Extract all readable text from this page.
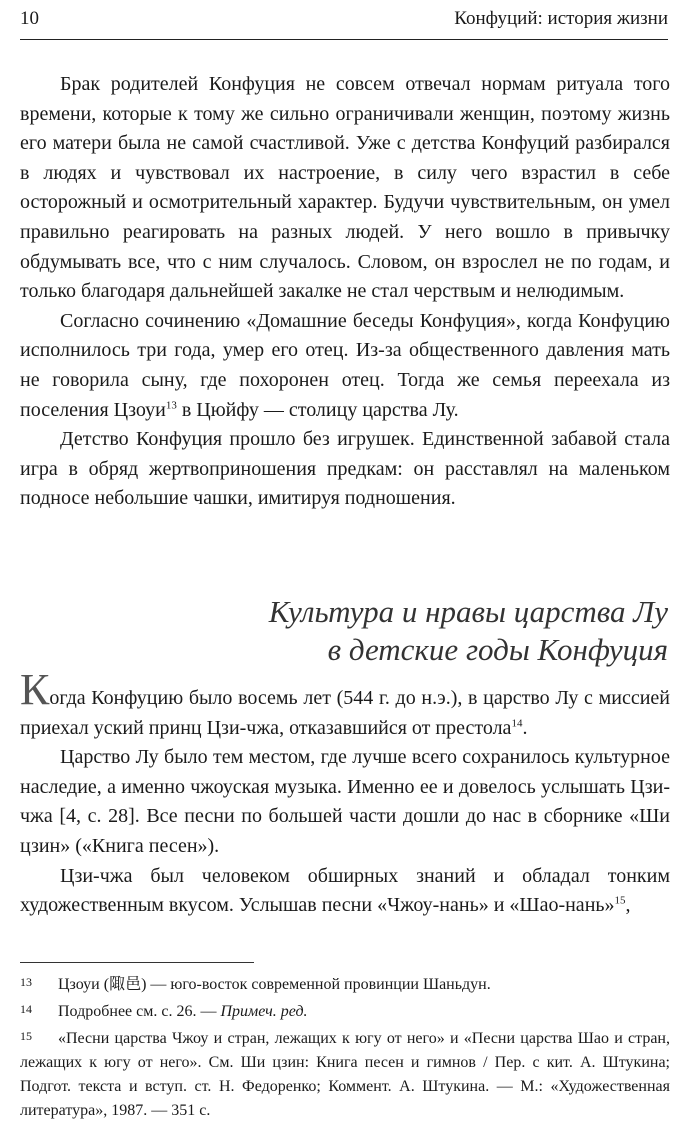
10	Конфуций: история жизни

Брак родителей Конфуция не совсем отвечал нормам ритуала того времени, которые к тому же сильно ограничивали женщин, поэтому жизнь его матери была не самой счастливой. Уже с детства Конфуций разбирался в людях и чувствовал их настроение, в силу чего взрастил в себе осторожный и осмотрительный характер. Будучи чувствительным, он умел правильно реагировать на разных людей. У него вошло в привычку обдумывать все, что с ним случалось. Словом, он взрослел не по годам, и только благодаря дальнейшей закалке не стал черствым и нелюдимым.

Согласно сочинению «Домашние беседы Конфуция», когда Конфуцию исполнилось три года, умер его отец. Из-за общественного давления мать не говорила сыну, где похоронен отец. Тогда же семья переехала из поселения Цзоуи$^{13}$ в Цюйфу — столицу царства Лу.

Детство Конфуция прошло без игрушек. Единственной забавой стала игра в обряд жертвоприношения предкам: он расставлял на маленьком подносе небольшие чашки, имитируя подношения.

Культура и нравы царства Лу
в детские годы Конфуция

Когда Конфуцию было восемь лет (544 г. до н.э.), в царство Лу с миссией приехал уский принц Цзи-чжа, отказавшийся от престола$^{14}$.

Царство Лу было тем местом, где лучше всего сохранилось культурное наследие, а именно чжоуская музыка. Именно ее и довелось услышать Цзи-чжа [4, с. 28]. Все песни по большей части дошли до нас в сборнике «Ши цзин» («Книга песен»).

Цзи-чжа был человеком обширных знаний и обладал тонким художественным вкусом. Услышав песни «Чжоу-нань» и «Шао-нань»$^{15}$,

13 Цзоуи (陬邑) — юго-восток современной провинции Шаньдун.

14 Подробнее см. с. 26. — Примеч. ред.

15 «Песни царства Чжоу и стран, лежащих к югу от него» и «Песни царства Шао и стран, лежащих к югу от него». См. Ши цзин: Книга песен и гимнов / Пер. с кит. А. Штукина; Подгот. текста и вступ. ст. Н. Федоренко; Коммент. А. Штукина. — М.: «Художественная литература», 1987. — 351 с.
